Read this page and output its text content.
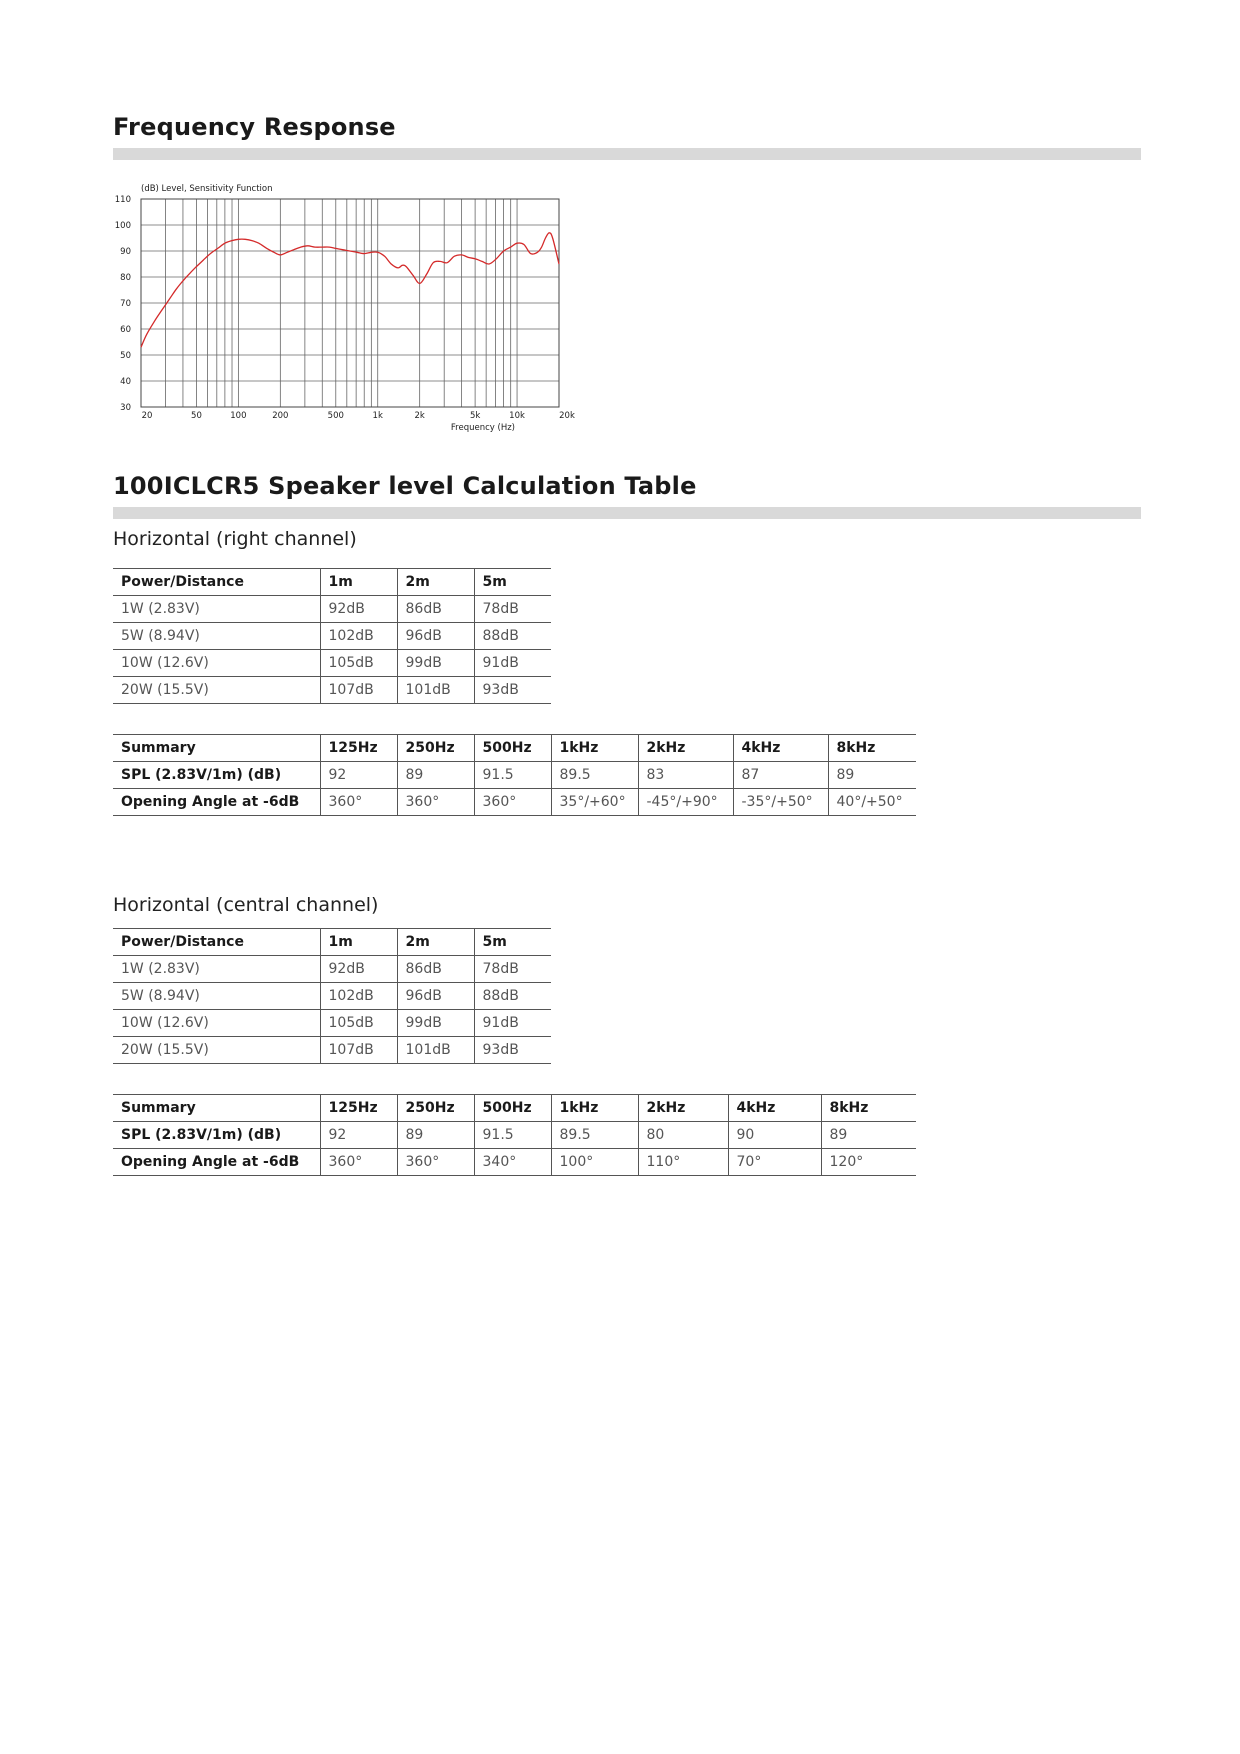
Frequency Response
110
100
90
80
70
60
50
40
30
20	50	100	200	500	1k	2k	5k	10k	20k
(dB) Level, Sensitivity Function
Frequency (Hz)
100ICLCR5 Speaker level Calculation Table
Horizontal (right channel)
Power/Distance	1m	2m	5m
1W (2.83V)	92dB	86dB	78dB
5W (8.94V)	102dB	96dB	88dB
10W (12.6V)	105dB	99dB	91dB
20W (15.5V)	107dB	101dB	93dB
Summary	125Hz	250Hz	500Hz	1kHz	2kHz	4kHz	8kHz
SPL (2.83V/1m) (dB)	92	89	91.5	89.5	83	87	89
Opening Angle at -6dB	360°	360°	360°	35°/+60°	-45°/+90°	-35°/+50°	40°/+50°
Horizontal (central channel)
Power/Distance	1m	2m	5m
1W (2.83V)	92dB	86dB	78dB
5W (8.94V)	102dB	96dB	88dB
10W (12.6V)	105dB	99dB	91dB
20W (15.5V)	107dB	101dB	93dB
Summary	125Hz	250Hz	500Hz	1kHz	2kHz	4kHz	8kHz
SPL (2.83V/1m) (dB)	92	89	91.5	89.5	80	90	89
Opening Angle at -6dB	360°	360°	340°	100°	110°	70°	120°
